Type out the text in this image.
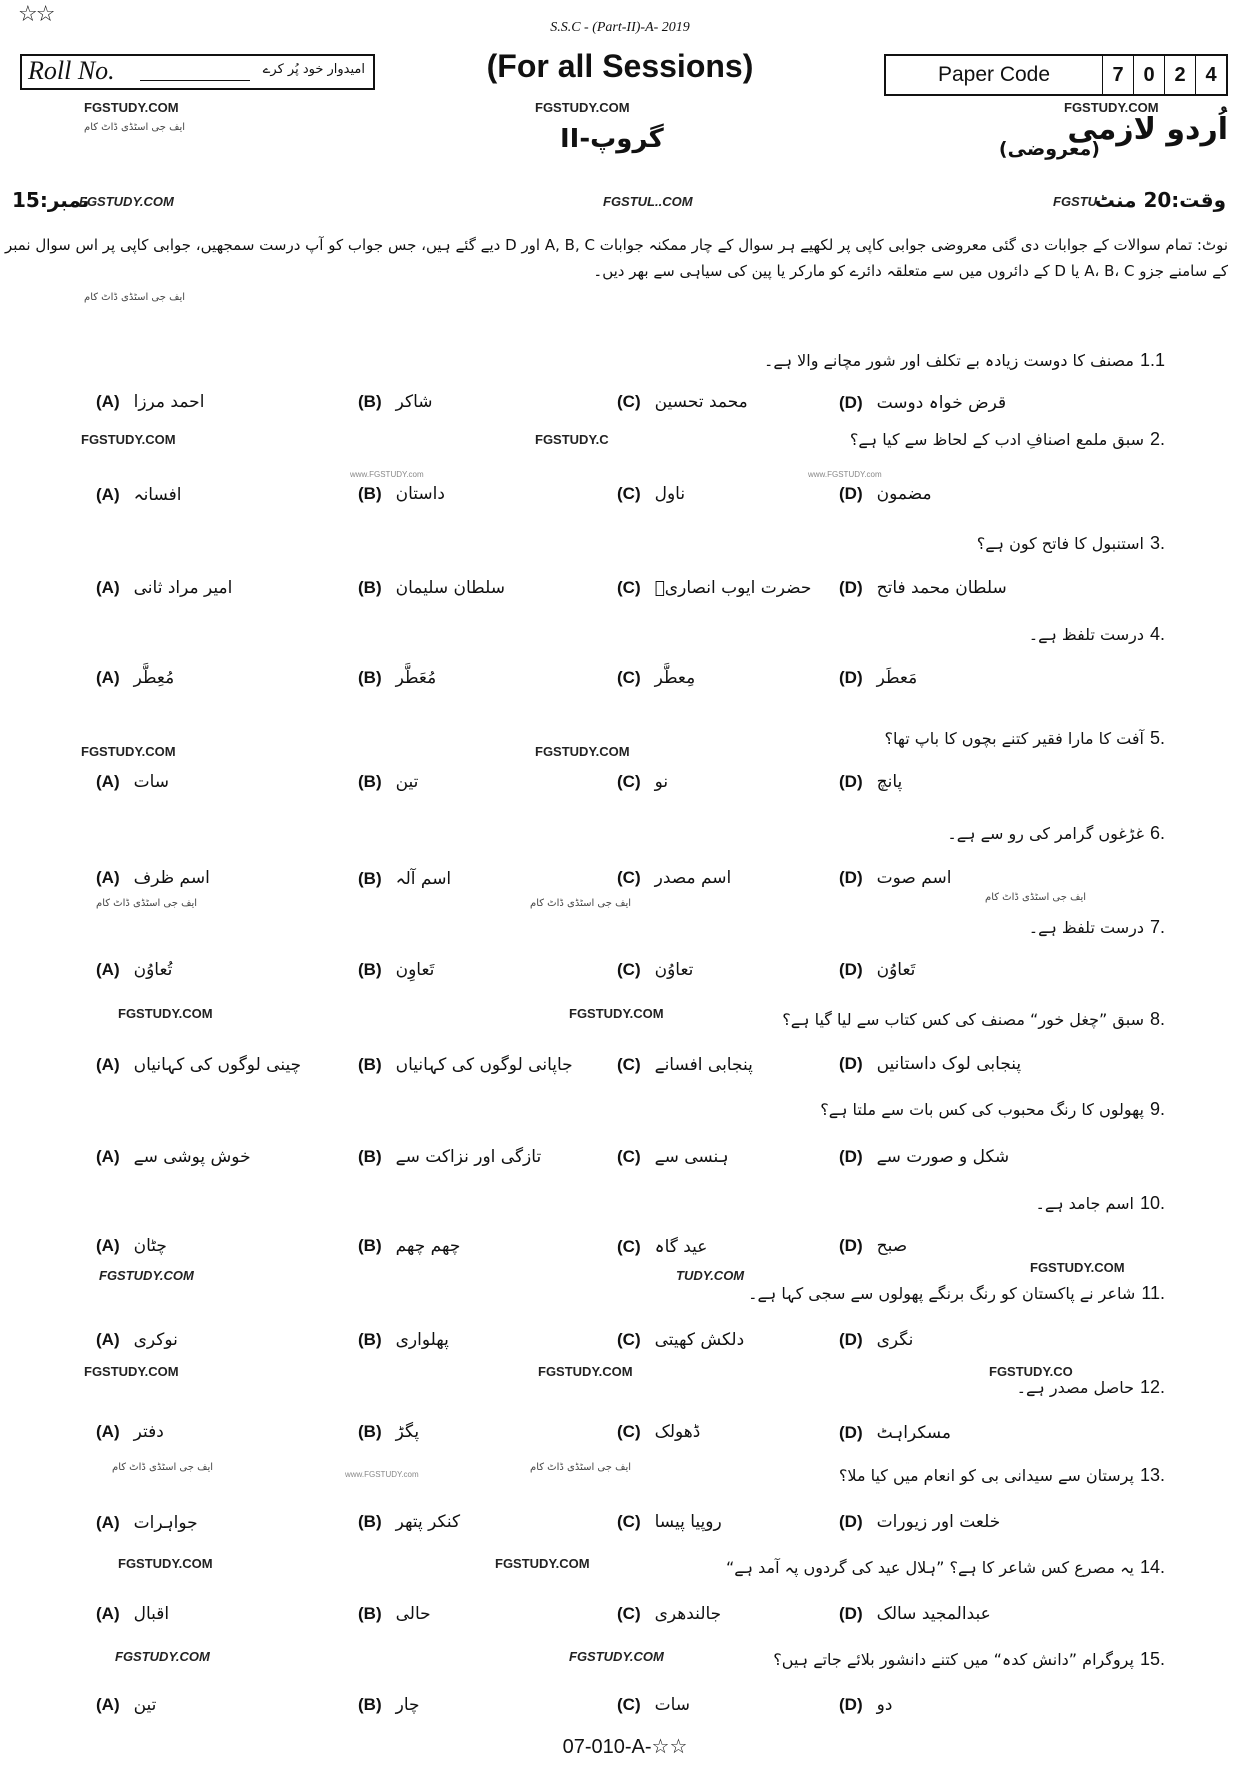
☆☆
S.S.C - (Part-II)-A- 2019
(For all Sessions)
Roll No.	امیدوار خود پُر کرے	Paper Code	7 0 2 4
اُردو لازمی
(معروضی)
گروپ-II
نمبر:15	وقت:20 منٹ
نوٹ: تمام سوالات کے جوابات دی گئی معروضی جوابی کاپی پر لکھیے ہر سوال کے چار ممکنہ جوابات A, B, C اور D دیے گئے ہیں، جس جواب کو آپ درست سمجھیں، جوابی کاپی پر اس سوال نمبر
کے سامنے جزو A، B، C یا D کے دائروں میں سے متعلقہ دائرے کو مارکر یا پین کی سیاہی سے بھر دیں۔
FGSTUDY.COM	FGSTUDY.COM	FGSTUDY.COM
ایف جی اسٹڈی ڈاٹ کام
FGSTUDY.COM	FGSTUL..COM	FGSTU
ایف جی اسٹڈی ڈاٹ کام
FGSTUDY.COM	FGSTUDY.C
www.FGSTUDY.com	www.FGSTUDY.com
FGSTUDY.COM	FGSTUDY.COM
ایف جی اسٹڈی ڈاٹ کام	ایف جی اسٹڈی ڈاٹ کام
ایف جی اسٹڈی ڈاٹ کام
FGSTUDY.COM	FGSTUDY.COM
FGSTUDY.COM	TUDY.COM
FGSTUDY.COM
FGSTUDY.COM	FGSTUDY.COM	FGSTUDY.CO
ایف جی اسٹڈی ڈاٹ کام	ایف جی اسٹڈی ڈاٹ کام
www.FGSTUDY.com
FGSTUDY.COM	FGSTUDY.COM
FGSTUDY.COM	FGSTUDY.COM
1.1
مصنف کا دوست زیادہ بے تکلف اور شور مچانے والا ہے۔
(A) احمد مرزا	(B) شاکر	(C) محمد تحسین	(D) قرض خواہ دوست
2.
سبق ملمع اصنافِ ادب کے لحاظ سے کیا ہے؟
(A) افسانہ	(B) داستان	(C) ناول	(D) مضمون
3.
استنبول کا فاتح کون ہے؟
(A) امیر مراد ثانی	(B) سلطان سلیمان	(C) حضرت ایوب انصاریؓ (D) سلطان محمد فاتح
4.
درست تلفظ ہے۔
(A) مُعِطَّر	(B) مُعَطَّر	(C) مِعطَّر	(D) مَعطَر
5.
آفت کا مارا فقیر کتنے بچوں کا باپ تھا؟
(A) سات	(B) تین	(C) نو	(D) پانچ
6.
غڑغوں گرامر کی رو سے ہے۔
(A) اسم ظرف	(B) اسم آلہ	(C) اسم مصدر	(D) اسم صوت
7.
درست تلفظ ہے۔
(A) تُعاوُن	(B) تَعاوِن	(C) تعاوُن	(D) تَعاوُن
8.
سبق ”چغل خور“ مصنف کی کس کتاب سے لیا گیا ہے؟
(A) چینی لوگوں کی کہانیاں	(B) جاپانی لوگوں کی کہانیاں	(C) پنجابی افسانے	(D) پنجابی لوک داستانیں
9.
پھولوں کا رنگ محبوب کی کس بات سے ملتا ہے؟
(A) خوش پوشی سے	(B) تازگی اور نزاکت سے	(C) ہنسی سے	(D) شکل و صورت سے
10.
اسم جامد ہے۔
(A) چٹان	(B) چھم چھم	(C) عید گاہ	(D) صبح
11.
شاعر نے پاکستان کو رنگ برنگے پھولوں سے سجی کہا ہے۔
(A) نوکری	(B) پھلواری	(C) دلکش کھیتی	(D) نگری
12.
حاصل مصدر ہے۔
(A) دفتر	(B) پگڑ	(C) ڈھولک	(D) مسکراہٹ
13.
پرستان سے سیدانی بی کو انعام میں کیا ملا؟
(A) جواہرات	(B) کنکر پتھر	(C) روپیا پیسا	(D) خلعت اور زیورات
14.
یہ مصرع کس شاعر کا ہے؟ ”ہلال عید کی گردوں پہ آمد ہے“
(A) اقبال	(B) حالی	(C) جالندھری	(D) عبدالمجید سالک
15.
پروگرام ”دانش کدہ“ میں کتنے دانشور بلائے جاتے ہیں؟
(A) تین	(B) چار	(C) سات	(D) دو
07-010-A-☆☆
